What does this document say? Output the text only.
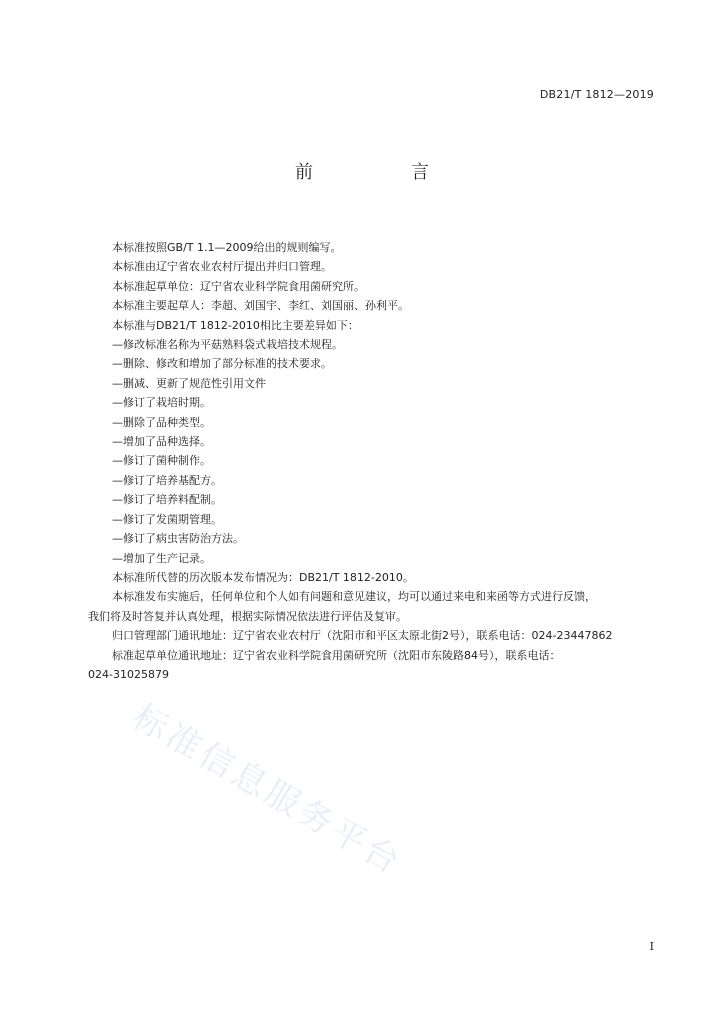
DB21/T 1812—2019
前　言
标准信息服务平台
本标准按照GB/T 1.1—2009给出的规则编写。
本标准由辽宁省农业农村厅提出并归口管理。
本标准起草单位：辽宁省农业科学院食用菌研究所。
本标准主要起草人：李超、刘国宇、李红、刘国丽、孙利平。
本标准与DB21/T 1812-2010相比主要差异如下：
—修改标准名称为平菇熟料袋式栽培技术规程。
—删除、修改和增加了部分标准的技术要求。
—删减、更新了规范性引用文件
—修订了栽培时期。
—删除了品种类型。
—增加了品种选择。
—修订了菌种制作。
—修订了培养基配方。
—修订了培养料配制。
—修订了发菌期管理。
—修订了病虫害防治方法。
—增加了生产记录。
本标准所代替的历次版本发布情况为：DB21/T 1812-2010。
本标准发布实施后，任何单位和个人如有问题和意见建议，均可以通过来电和来函等方式进行反馈，
我们将及时答复并认真处理，根据实际情况依法进行评估及复审。
归口管理部门通讯地址：辽宁省农业农村厅（沈阳市和平区太原北街2号），联系电话：024-23447862
标准起草单位通讯地址：辽宁省农业科学院食用菌研究所（沈阳市东陵路84号），联系电话：
024-31025879
I
